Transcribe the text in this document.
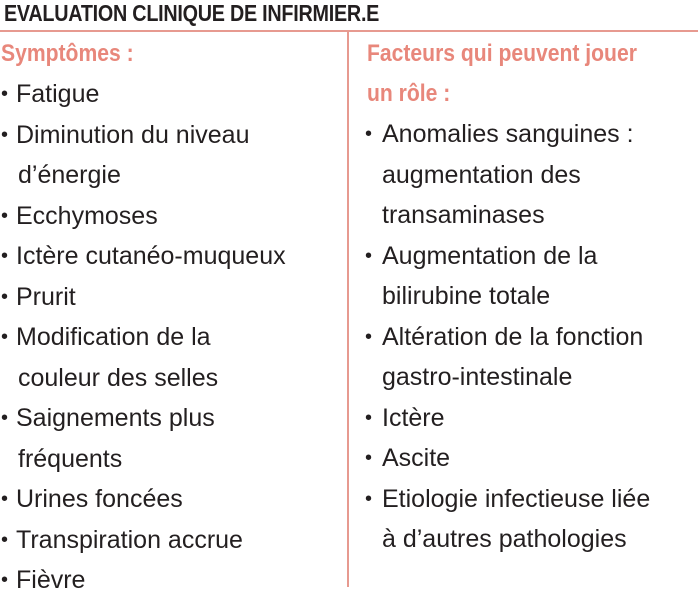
EVALUATION CLINIQUE DE INFIRMIER.E
Symptômes :
• Fatigue
• Diminution du niveau
d’énergie
• Ecchymoses
• Ictère cutanéo-muqueux
• Prurit
• Modification de la
couleur des selles
• Saignements plus
fréquents
• Urines foncées
• Transpiration accrue
• Fièvre
Facteurs qui peuvent jouer
un rôle :
• Anomalies sanguines :
augmentation des
transaminases
• Augmentation de la
bilirubine totale
• Altération de la fonction
gastro-intestinale
• Ictère
• Ascite
• Etiologie infectieuse liée
à d’autres pathologies
